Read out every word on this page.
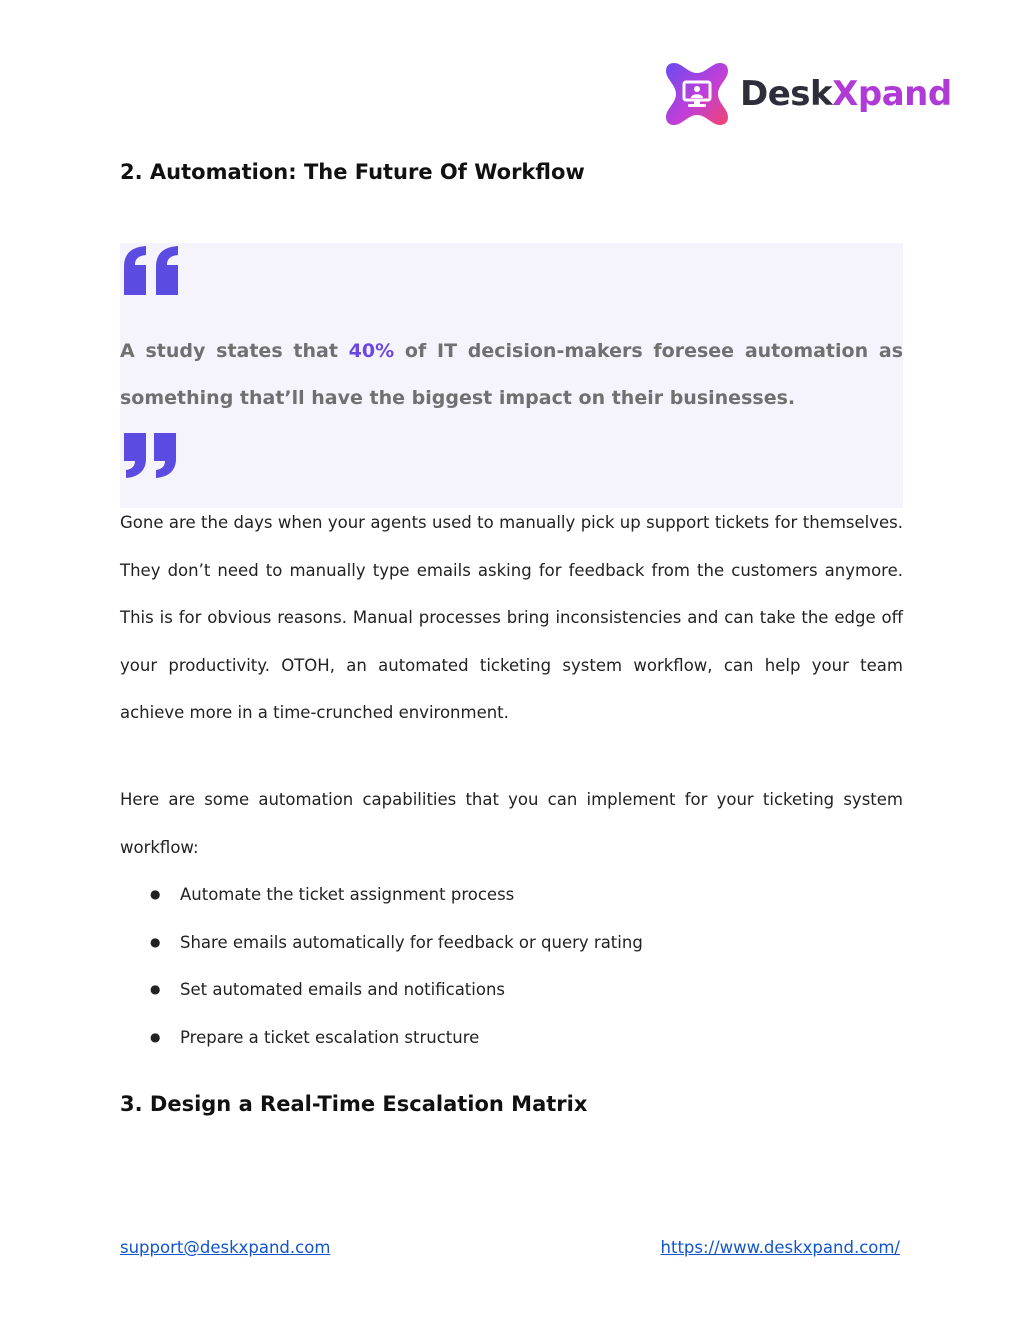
DeskXpand
2. Automation: The Future Of Workflow
A study states that 40% of IT decision-makers foresee automation as something that’ll have the biggest impact on their businesses.

Gone are the days when your agents used to manually pick up support tickets for themselves. They don’t need to manually type emails asking for feedback from the customers anymore. This is for obvious reasons. Manual processes bring inconsistencies and can take the edge off your productivity. OTOH, an automated ticketing system workflow, can help your team achieve more in a time-crunched environment.

Here are some automation capabilities that you can implement for your ticketing system workflow:

● Automate the ticket assignment process
● Share emails automatically for feedback or query rating
● Set automated emails and notifications
● Prepare a ticket escalation structure
3. Design a Real-Time Escalation Matrix
support@deskxpand.com	https://www.deskxpand.com/
